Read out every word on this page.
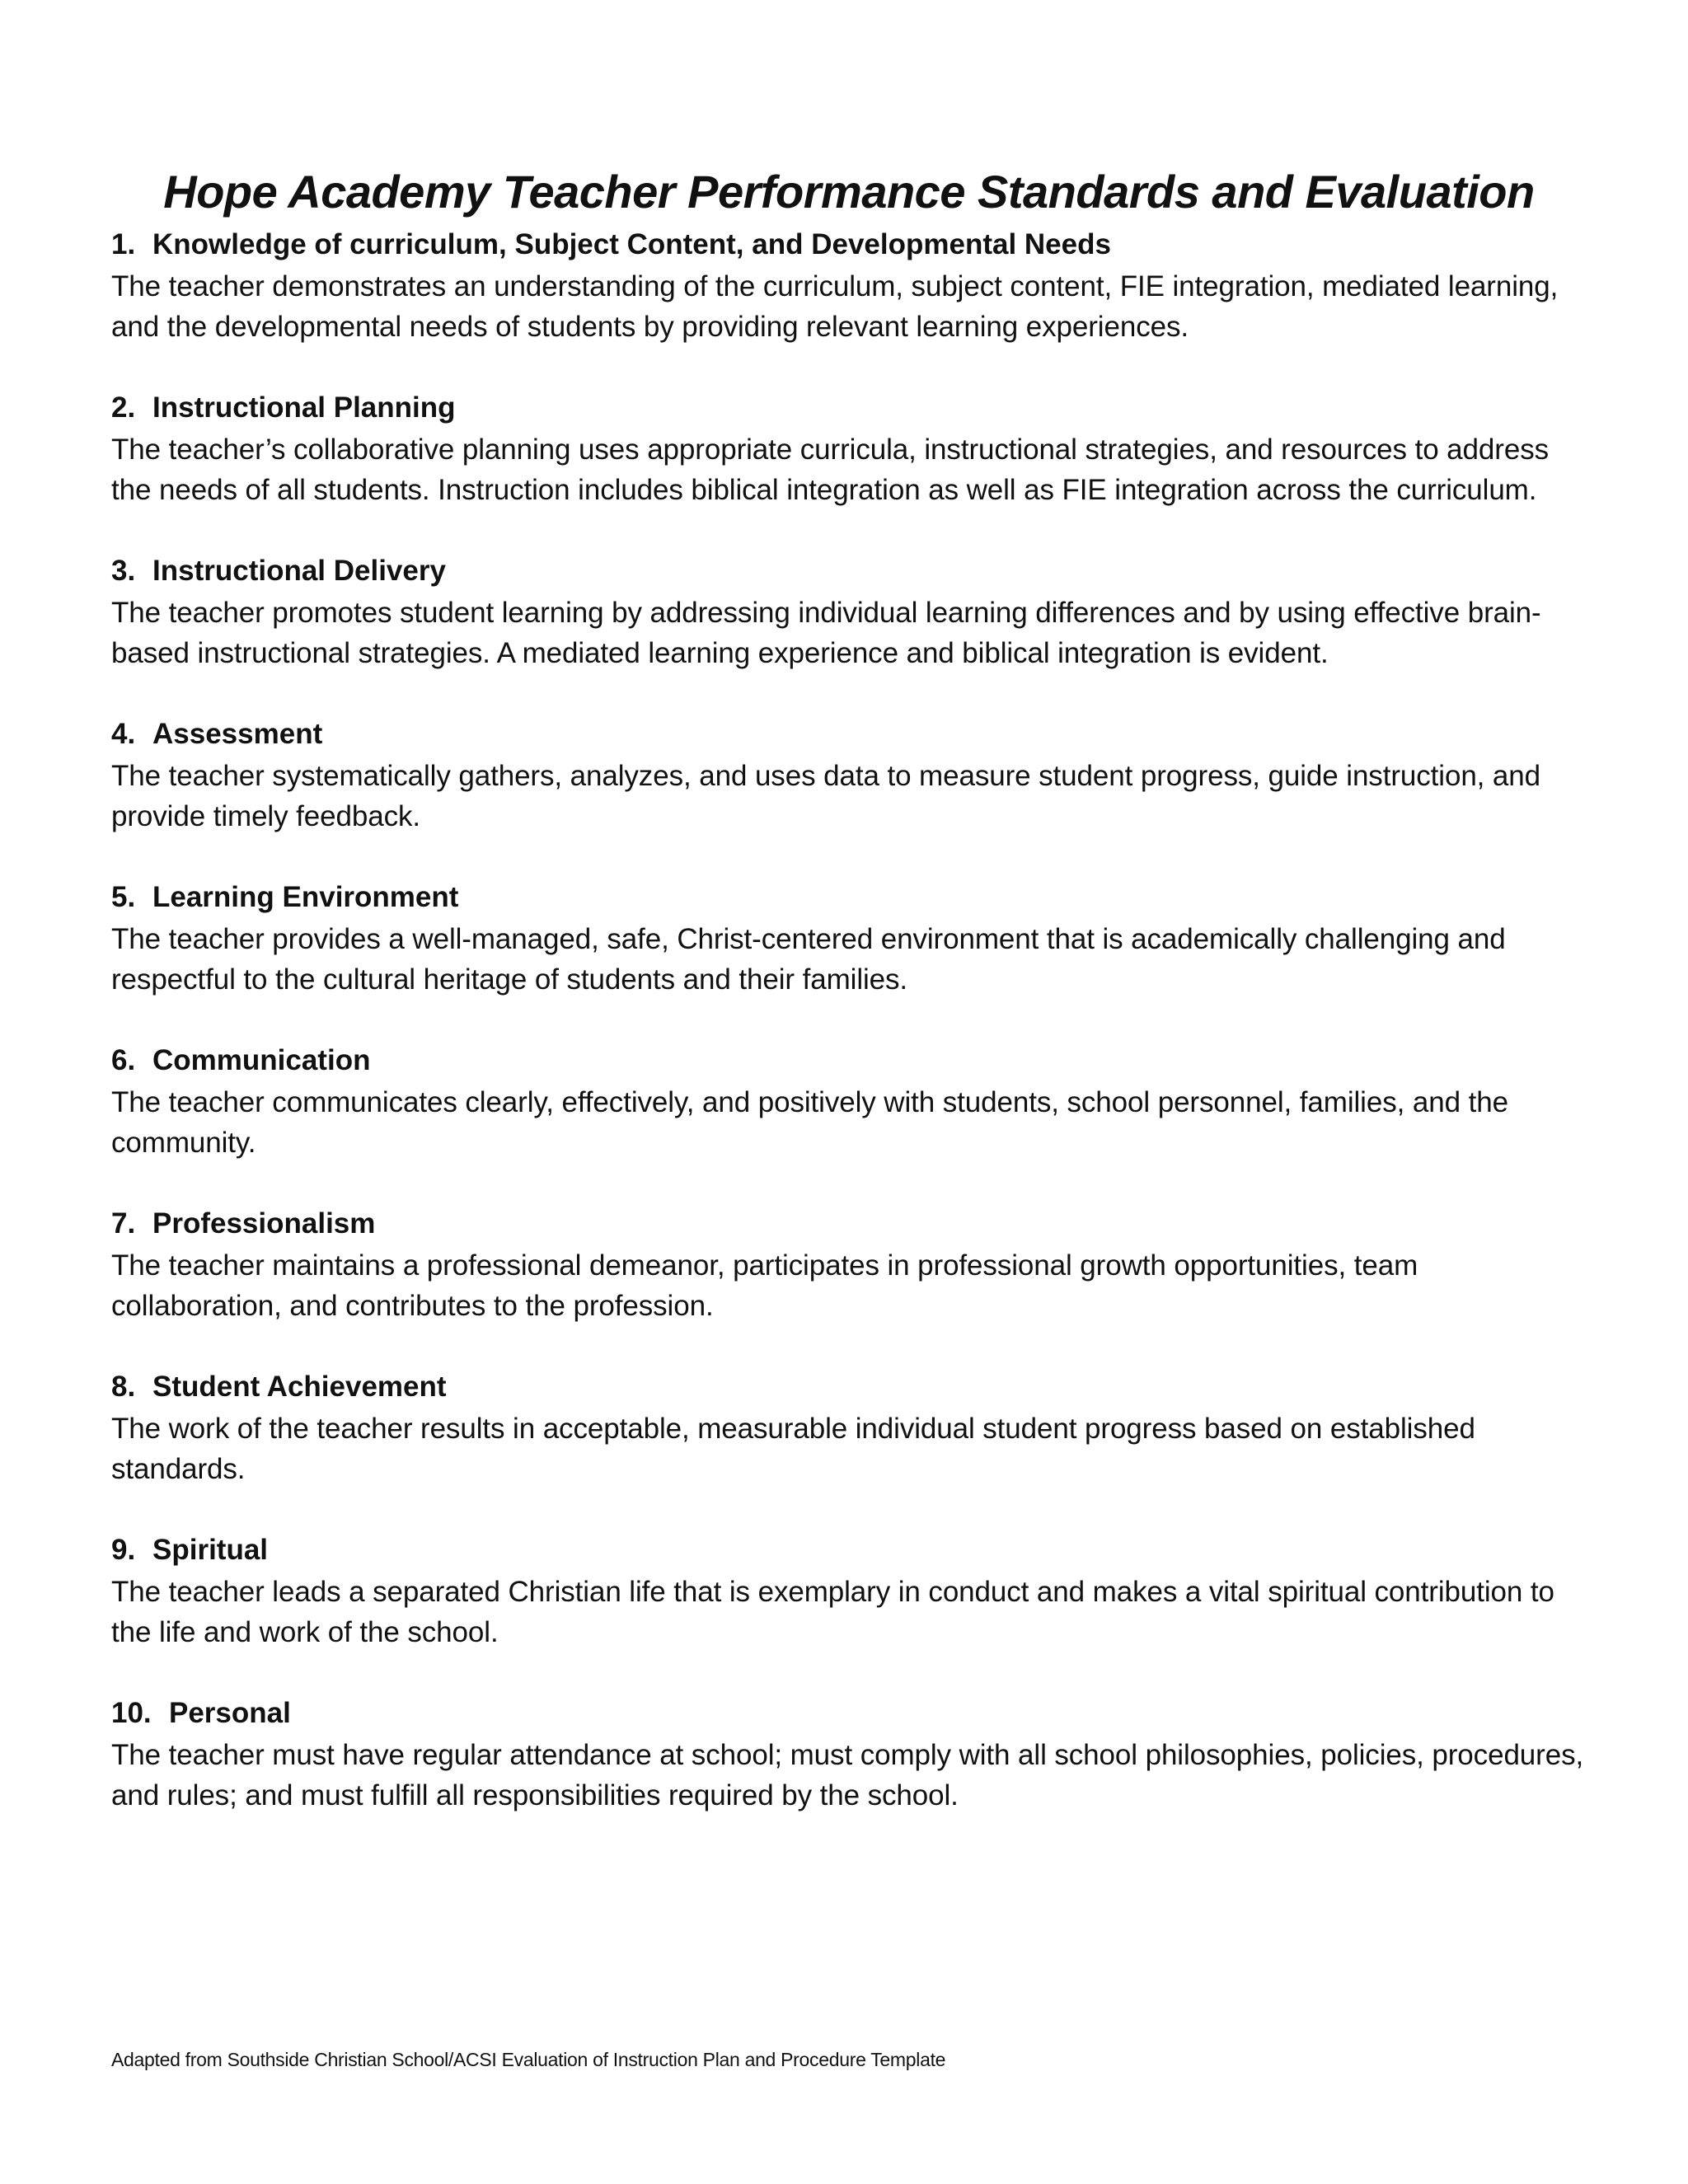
Hope Academy Teacher Performance Standards and Evaluation

1. Knowledge of curriculum, Subject Content, and Developmental Needs

The teacher demonstrates an understanding of the curriculum, subject content, FIE integration, mediated learning, and the developmental needs of students by providing relevant learning experiences.

2. Instructional Planning

The teacher’s collaborative planning uses appropriate curricula, instructional strategies, and resources to address the needs of all students. Instruction includes biblical integration as well as FIE integration across the curriculum.

3. Instructional Delivery

The teacher promotes student learning by addressing individual learning differences and by using effective brain-based instructional strategies. A mediated learning experience and biblical integration is evident.

4. Assessment

The teacher systematically gathers, analyzes, and uses data to measure student progress, guide instruction, and provide timely feedback.

5. Learning Environment

The teacher provides a well-managed, safe, Christ-centered environment that is academically challenging and respectful to the cultural heritage of students and their families.

6. Communication

The teacher communicates clearly, effectively, and positively with students, school personnel, families, and the community.

7. Professionalism

The teacher maintains a professional demeanor, participates in professional growth opportunities, team collaboration, and contributes to the profession.

8. Student Achievement

The work of the teacher results in acceptable, measurable individual student progress based on established standards.

9. Spiritual

The teacher leads a separated Christian life that is exemplary in conduct and makes a vital spiritual contribution to the life and work of the school.

10. Personal

The teacher must have regular attendance at school; must comply with all school philosophies, policies, procedures, and rules; and must fulfill all responsibilities required by the school.

Adapted from Southside Christian School/ACSI Evaluation of Instruction Plan and Procedure Template
